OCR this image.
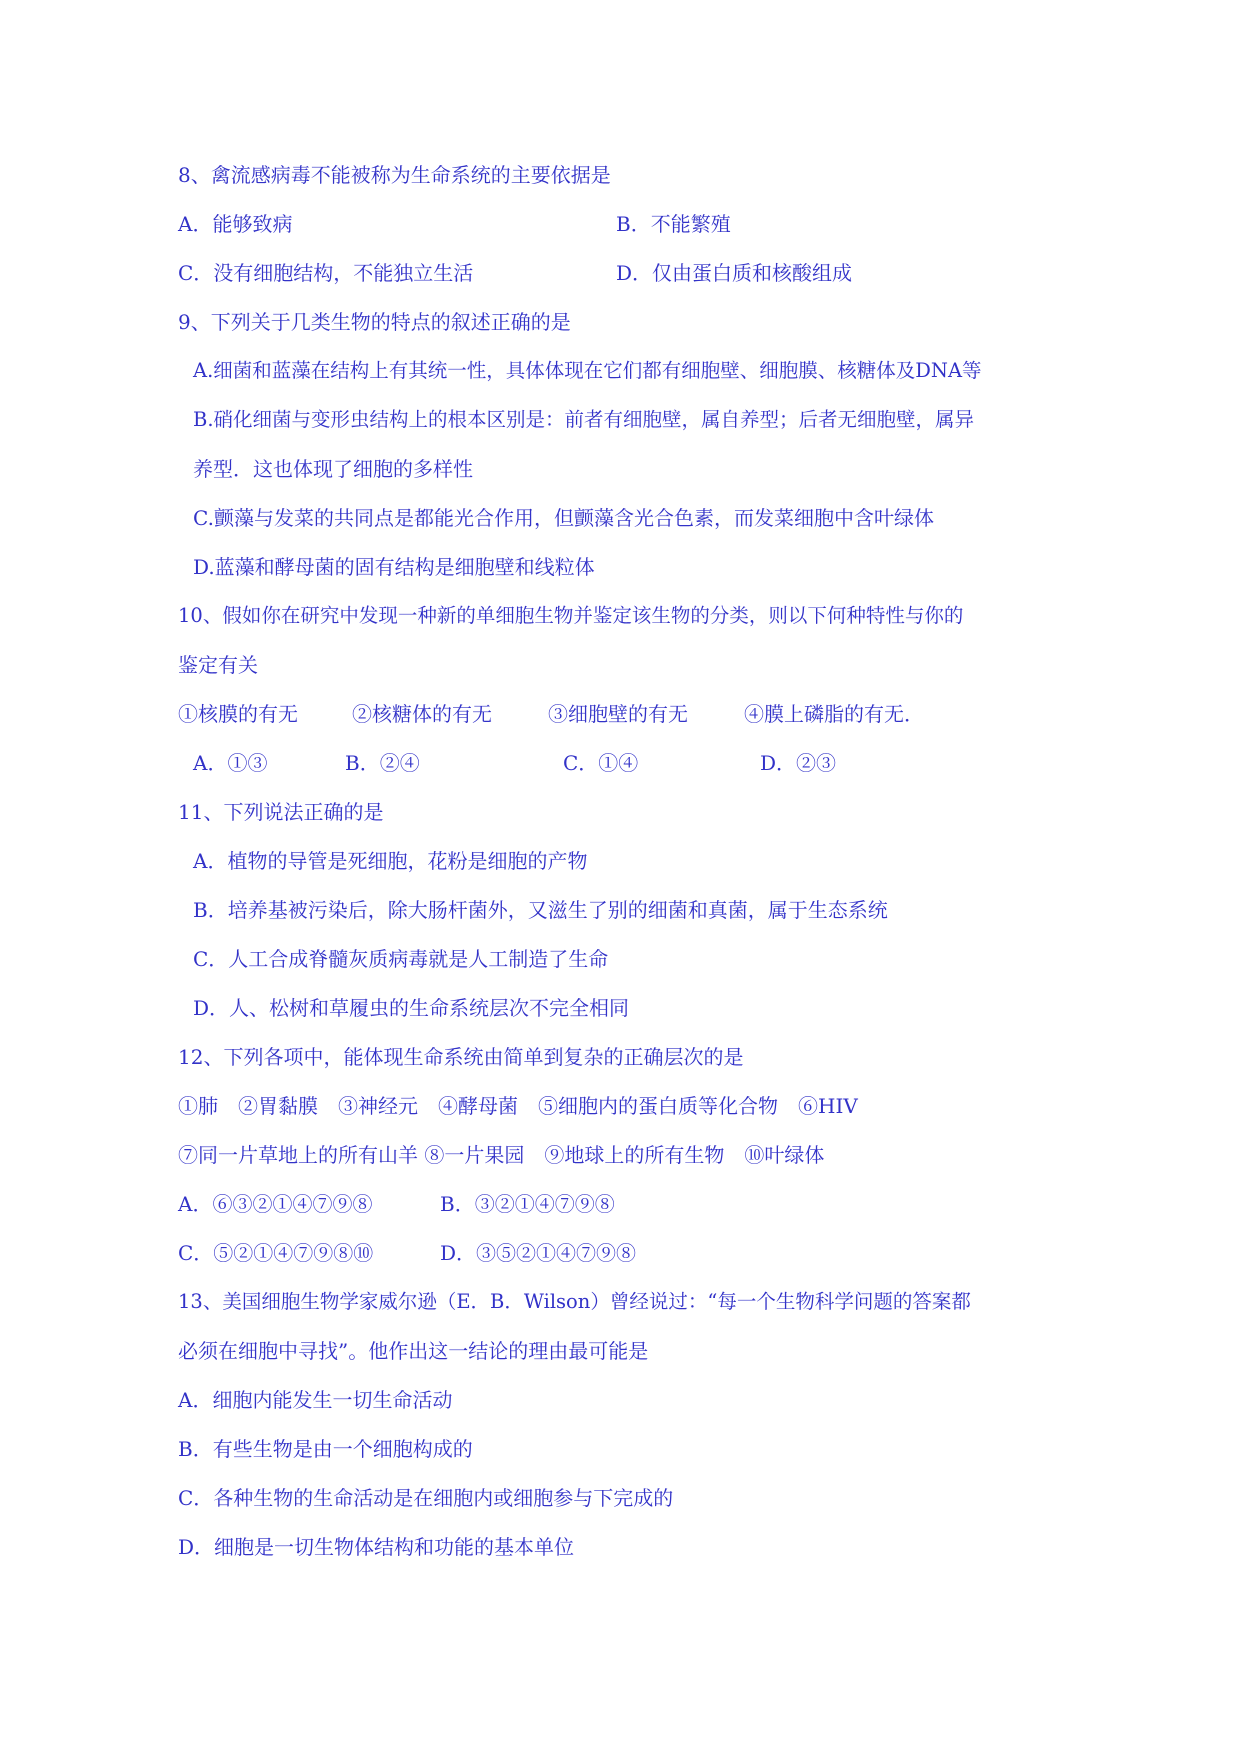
8、禽流感病毒不能被称为生命系统的主要依据是
A．能够致病	B．不能繁殖
C．没有细胞结构，不能独立生活	D．仅由蛋白质和核酸组成
9、下列关于几类生物的特点的叙述正确的是
A.细菌和蓝藻在结构上有其统一性，具体体现在它们都有细胞壁、细胞膜、核糖体及DNA等
B.硝化细菌与变形虫结构上的根本区别是：前者有细胞壁，属自养型；后者无细胞壁，属异
养型．这也体现了细胞的多样性
C.颤藻与发菜的共同点是都能光合作用，但颤藻含光合色素，而发菜细胞中含叶绿体
D.蓝藻和酵母菌的固有结构是细胞壁和线粒体
10、假如你在研究中发现一种新的单细胞生物并鉴定该生物的分类，则以下何种特性与你的
鉴定有关
①核膜的有无	②核糖体的有无	③细胞壁的有无	④膜上磷脂的有无．
A．①③	B．②④	C．①④	D．②③
11、下列说法正确的是
A．植物的导管是死细胞，花粉是细胞的产物
B．培养基被污染后，除大肠杆菌外，又滋生了别的细菌和真菌，属于生态系统
C．人工合成脊髓灰质病毒就是人工制造了生命
D．人、松树和草履虫的生命系统层次不完全相同
12、下列各项中，能体现生命系统由简单到复杂的正确层次的是
①肺　②胃黏膜　③神经元　④酵母菌　⑤细胞内的蛋白质等化合物　⑥HIV
⑦同一片草地上的所有山羊 ⑧一片果园　⑨地球上的所有生物　⑩叶绿体
A．⑥③②①④⑦⑨⑧	B．③②①④⑦⑨⑧
C．⑤②①④⑦⑨⑧⑩	D．③⑤②①④⑦⑨⑧
13、美国细胞生物学家威尔逊（E．B．Wilson）曾经说过：“每一个生物科学问题的答案都
必须在细胞中寻找”。他作出这一结论的理由最可能是
A．细胞内能发生一切生命活动
B．有些生物是由一个细胞构成的
C．各种生物的生命活动是在细胞内或细胞参与下完成的
D．细胞是一切生物体结构和功能的基本单位
